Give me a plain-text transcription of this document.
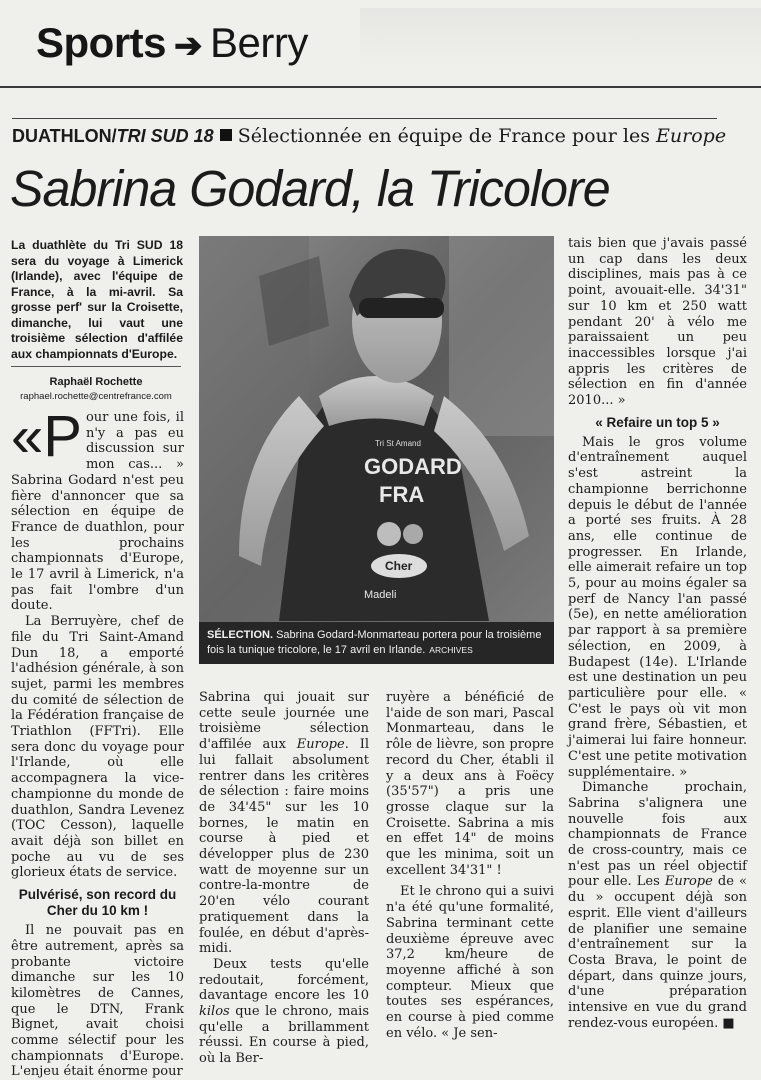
Sports ➔ Berry
DUATHLON/TRI SUD 18 Sélectionnée en équipe de France pour les Europe
Sabrina Godard, la Tricolore
La duathlète du Tri SUD 18 sera du voyage à Limerick (Irlande), avec l'équipe de France, à la mi-avril. Sa grosse perf' sur la Croisette, dimanche, lui vaut une troisième sélection d'affilée aux championnats d'Europe.
Raphaël Rochette
raphael.rochette@centrefrance.com

«Pour une fois, il n'y a pas eu discussion sur mon cas... » Sabrina Godard n'est peu fière d'annoncer que sa sélection en équipe de France de duathlon, pour les prochains championnats d'Europe, le 17 avril à Limerick, n'a pas fait l'ombre d'un doute.

La Berruyère, chef de file du Tri Saint-Amand Dun 18, a emporté l'adhésion générale, à son sujet, parmi les membres du comité de sélection de la Fédération française de Triathlon (FFTri). Elle sera donc du voyage pour l'Irlande, où elle accompagnera la vice-championne du monde de duathlon, Sandra Levenez (TOC Cesson), laquelle avait déjà son billet en poche au vu de ses glorieux états de service.

Pulvérisé, son record du Cher du 10 km !

Il ne pouvait pas en être autrement, après sa probante victoire dimanche sur les 10 kilomètres de Cannes, que le DTN, Frank Bignet, avait choisi comme sélectif pour les championnats d'Europe. L'enjeu était énorme pour

GODARD
FRA
Tri St Amand
Cher
Madeli
SÉLECTION. Sabrina Godard-Monmarteau portera pour la troisième fois la tunique tricolore, le 17 avril en Irlande. ARCHIVES

Sabrina qui jouait sur cette seule journée une troisième sélection d'affilée aux Europe. Il lui fallait absolument rentrer dans les critères de sélection : faire moins de 34'45" sur les 10 bornes, le matin en course à pied et développer plus de 230 watt de moyenne sur un contre-la-montre de 20'en vélo courant pratiquement dans la foulée, en début d'après-midi.

Deux tests qu'elle redoutait, forcément, davantage encore les 10 kilos que le chrono, mais qu'elle a brillamment réussi. En course à pied, où la Ber-

ruyère a bénéficié de l'aide de son mari, Pascal Monmarteau, dans le rôle de lièvre, son propre record du Cher, établi il y a deux ans à Foëcy (35'57") a pris une grosse claque sur la Croisette. Sabrina a mis en effet 14" de moins que les minima, soit un excellent 34'31" !

Et le chrono qui a suivi n'a été qu'une formalité, Sabrina terminant cette deuxième épreuve avec 37,2 km/heure de moyenne affiché à son compteur. Mieux que toutes ses espérances, en course à pied comme en vélo. « Je sen-

tais bien que j'avais passé un cap dans les deux disciplines, mais pas à ce point, avouait-elle. 34'31" sur 10 km et 250 watt pendant 20' à vélo me paraissaient un peu inaccessibles lorsque j'ai appris les critères de sélection en fin d'année 2010... »

« Refaire un top 5 »

Mais le gros volume d'entraînement auquel s'est astreint la championne berrichonne depuis le début de l'année a porté ses fruits. À 28 ans, elle continue de progresser. En Irlande, elle aimerait refaire un top 5, pour au moins égaler sa perf de Nancy l'an passé (5e), en nette amélioration par rapport à sa première sélection, en 2009, à Budapest (14e). L'Irlande est une destination un peu particulière pour elle. « C'est le pays où vit mon grand frère, Sébastien, et j'aimerai lui faire honneur. C'est une petite motivation supplémentaire. »

Dimanche prochain, Sabrina s'alignera une nouvelle fois aux championnats de France de cross-country, mais ce n'est pas un réel objectif pour elle. Les Europe de « du » occupent déjà son esprit. Elle vient d'ailleurs de planifier une semaine d'entraînement sur la Costa Brava, le point de départ, dans quinze jours, d'une préparation intensive en vue du grand rendez-vous européen. ■
